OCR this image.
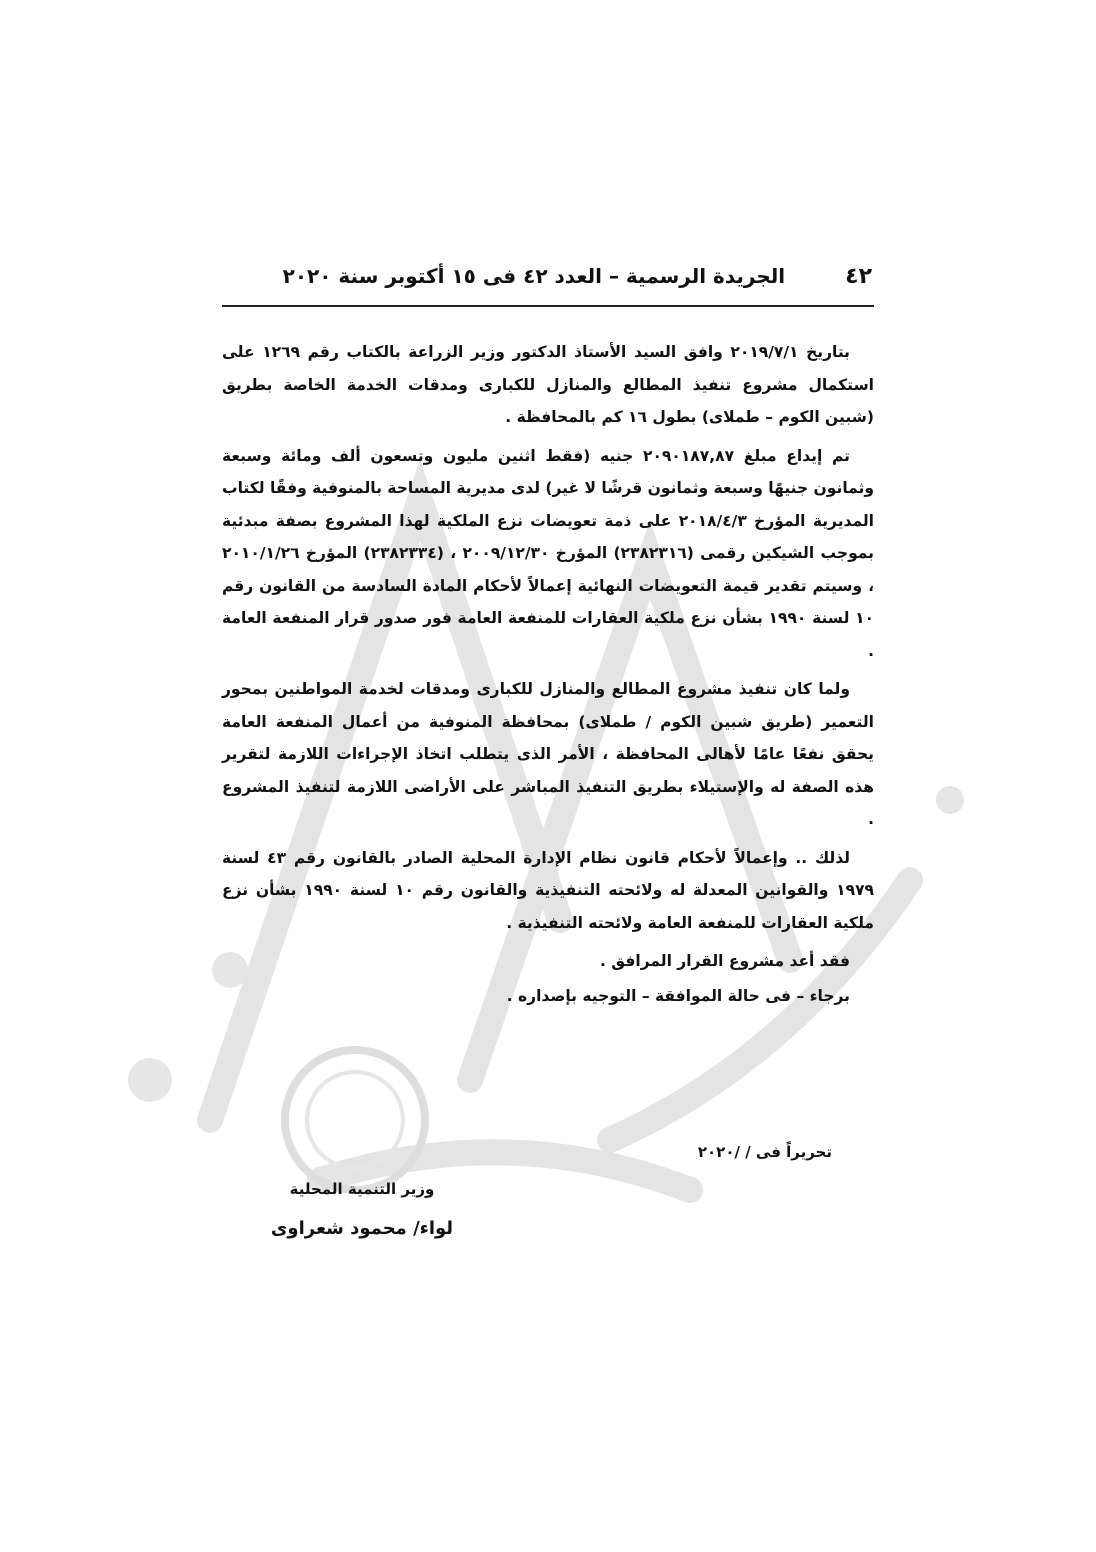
٤٢
الجريدة الرسمية – العدد ٤٢ فى ١٥ أكتوبر سنة ٢٠٢٠

بتاريخ ٢٠١٩/٧/١ وافق السيد الأستاذ الدكتور وزير الزراعة بالكتاب رقم ١٢٦٩ على استكمال مشروع تنفيذ المطالع والمنازل للكبارى ومدقات الخدمة الخاصة بطريق (شبين الكوم – طملاى) بطول ١٦ كم بالمحافظة .

تم إيداع مبلغ ٢٠٩٠١٨٧,٨٧ جنيه (فقط اثنين مليون وتسعون ألف ومائة وسبعة وثمانون جنيهًا وسبعة وثمانون قرشًا لا غير) لدى مديرية المساحة بالمنوفية وفقًا لكتاب المديرية المؤرخ ٢٠١٨/٤/٣ على ذمة تعويضات نزع الملكية لهذا المشروع بصفة مبدئية بموجب الشيكين رقمى (٢٣٨٢٣١٦) المؤرخ ٢٠٠٩/١٢/٣٠ ، (٢٣٨٢٣٣٤) المؤرخ ٢٠١٠/١/٢٦ ، وسيتم تقدير قيمة التعويضات النهائية إعمالاً لأحكام المادة السادسة من القانون رقم ١٠ لسنة ١٩٩٠ بشأن نزع ملكية العقارات للمنفعة العامة فور صدور قرار المنفعة العامة .

ولما كان تنفيذ مشروع المطالع والمنازل للكبارى ومدقات لخدمة المواطنين بمحور التعمير (طريق شبين الكوم / طملاى) بمحافظة المنوفية من أعمال المنفعة العامة يحقق نفعًا عامًا لأهالى المحافظة ، الأمر الذى يتطلب اتخاذ الإجراءات اللازمة لتقرير هذه الصفة له والإستيلاء بطريق التنفيذ المباشر على الأراضى اللازمة لتنفيذ المشروع .

لذلك .. وإعمالاً لأحكام قانون نظام الإدارة المحلية الصادر بالقانون رقم ٤٣ لسنة ١٩٧٩ والقوانين المعدلة له ولائحته التنفيذية والقانون رقم ١٠ لسنة ١٩٩٠ بشأن نزع ملكية العقارات للمنفعة العامة ولائحته التنفيذية .

فقد أعد مشروع القرار المرافق .

برجاء – فى حالة الموافقة – التوجيه بإصداره .

تحريراً فى / /٢٠٢٠
وزير التنمية المحلية
لواء/ محمود شعراوى
